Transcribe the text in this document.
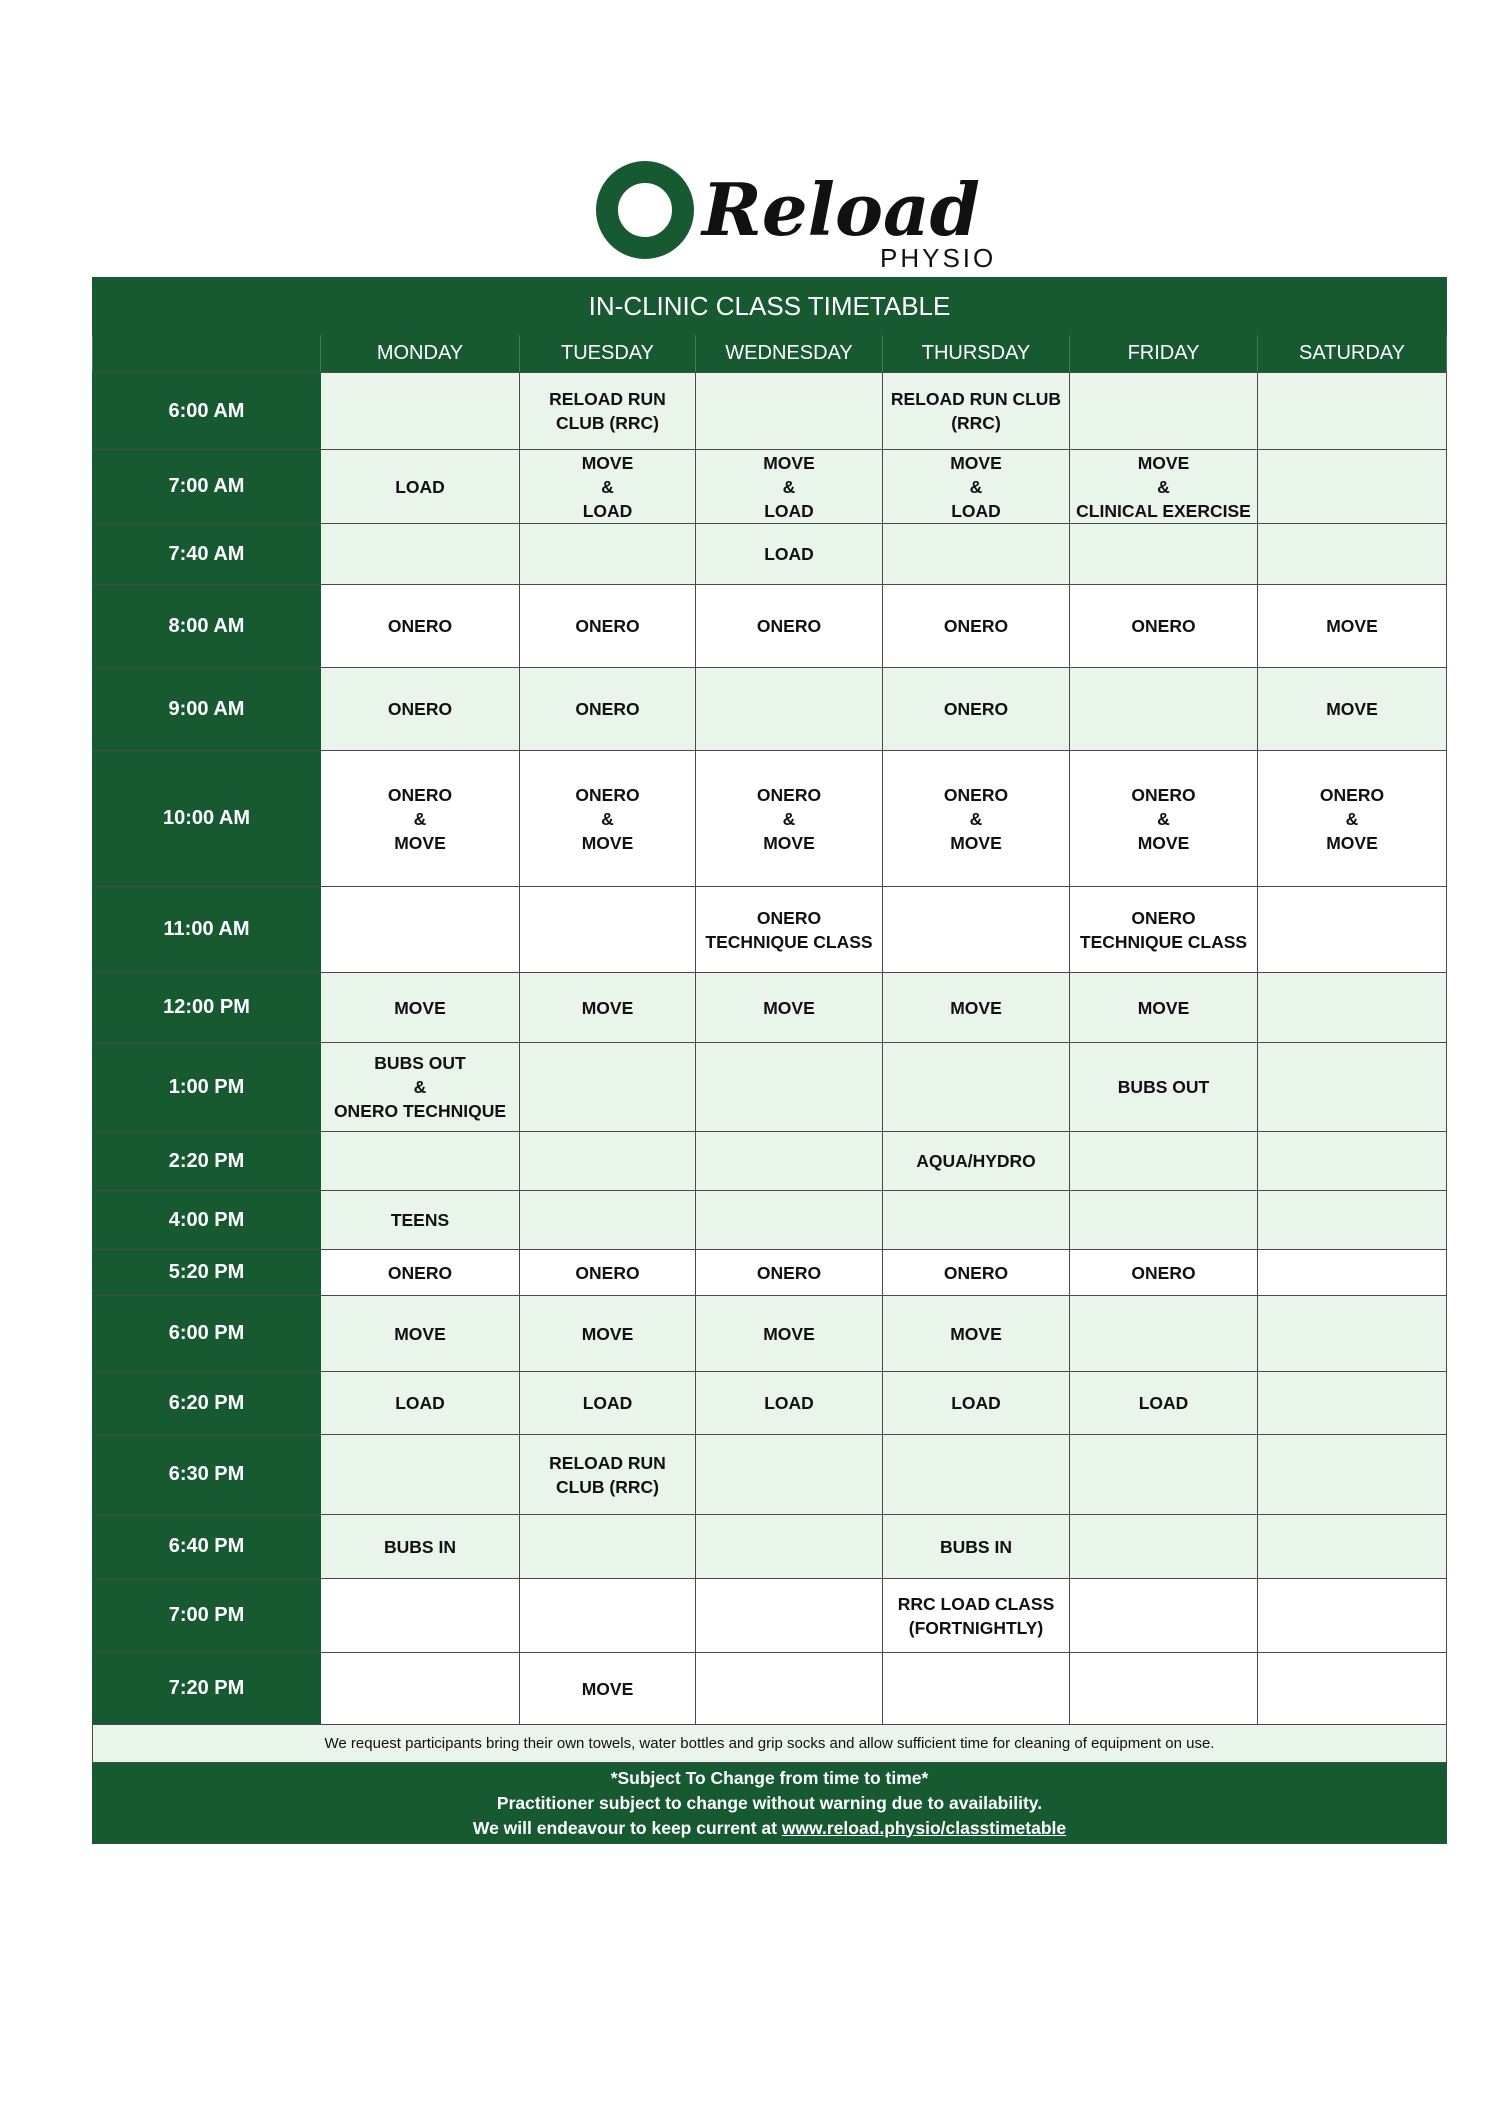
Reload
PHYSIO
IN-CLINIC CLASS TIMETABLE						
	MONDAY	TUESDAY	WEDNESDAY	THURSDAY	FRIDAY	SATURDAY
6:00 AM		RELOAD RUN
CLUB (RRC)		RELOAD RUN CLUB
(RRC)		

7:00 AM	LOAD	MOVE
&
LOAD	MOVE
&
LOAD	MOVE
&
LOAD	MOVE
&
CLINICAL EXERCISE	

7:40 AM			LOAD			

8:00 AM	ONERO	ONERO	ONERO	ONERO	ONERO	MOVE

9:00 AM	ONERO	ONERO		ONERO		MOVE

10:00 AM	ONERO
&
MOVE	ONERO
&
MOVE	ONERO
&
MOVE	ONERO
&
MOVE	ONERO
&
MOVE	ONERO
&
MOVE

11:00 AM			ONERO
TECHNIQUE CLASS		ONERO
TECHNIQUE CLASS	

12:00 PM	MOVE	MOVE	MOVE	MOVE	MOVE	

1:00 PM	BUBS OUT
&
ONERO TECHNIQUE				BUBS OUT	

2:20 PM				AQUA/HYDRO		

4:00 PM	TEENS					

5:20 PM	ONERO	ONERO	ONERO	ONERO	ONERO	

6:00 PM	MOVE	MOVE	MOVE	MOVE		

6:20 PM	LOAD	LOAD	LOAD	LOAD	LOAD	

6:30 PM		RELOAD RUN
CLUB (RRC)				

6:40 PM	BUBS IN			BUBS IN		

7:00 PM				RRC LOAD CLASS
(FORTNIGHTLY)		

7:20 PM		MOVE				

We request participants bring their own towels, water bottles and grip socks and allow sufficient time for cleaning of equipment on use.						

*Subject To Change from time to time*
Practitioner subject to change without warning due to availability.
We will endeavour to keep current at www.reload.physio/classtimetable						
